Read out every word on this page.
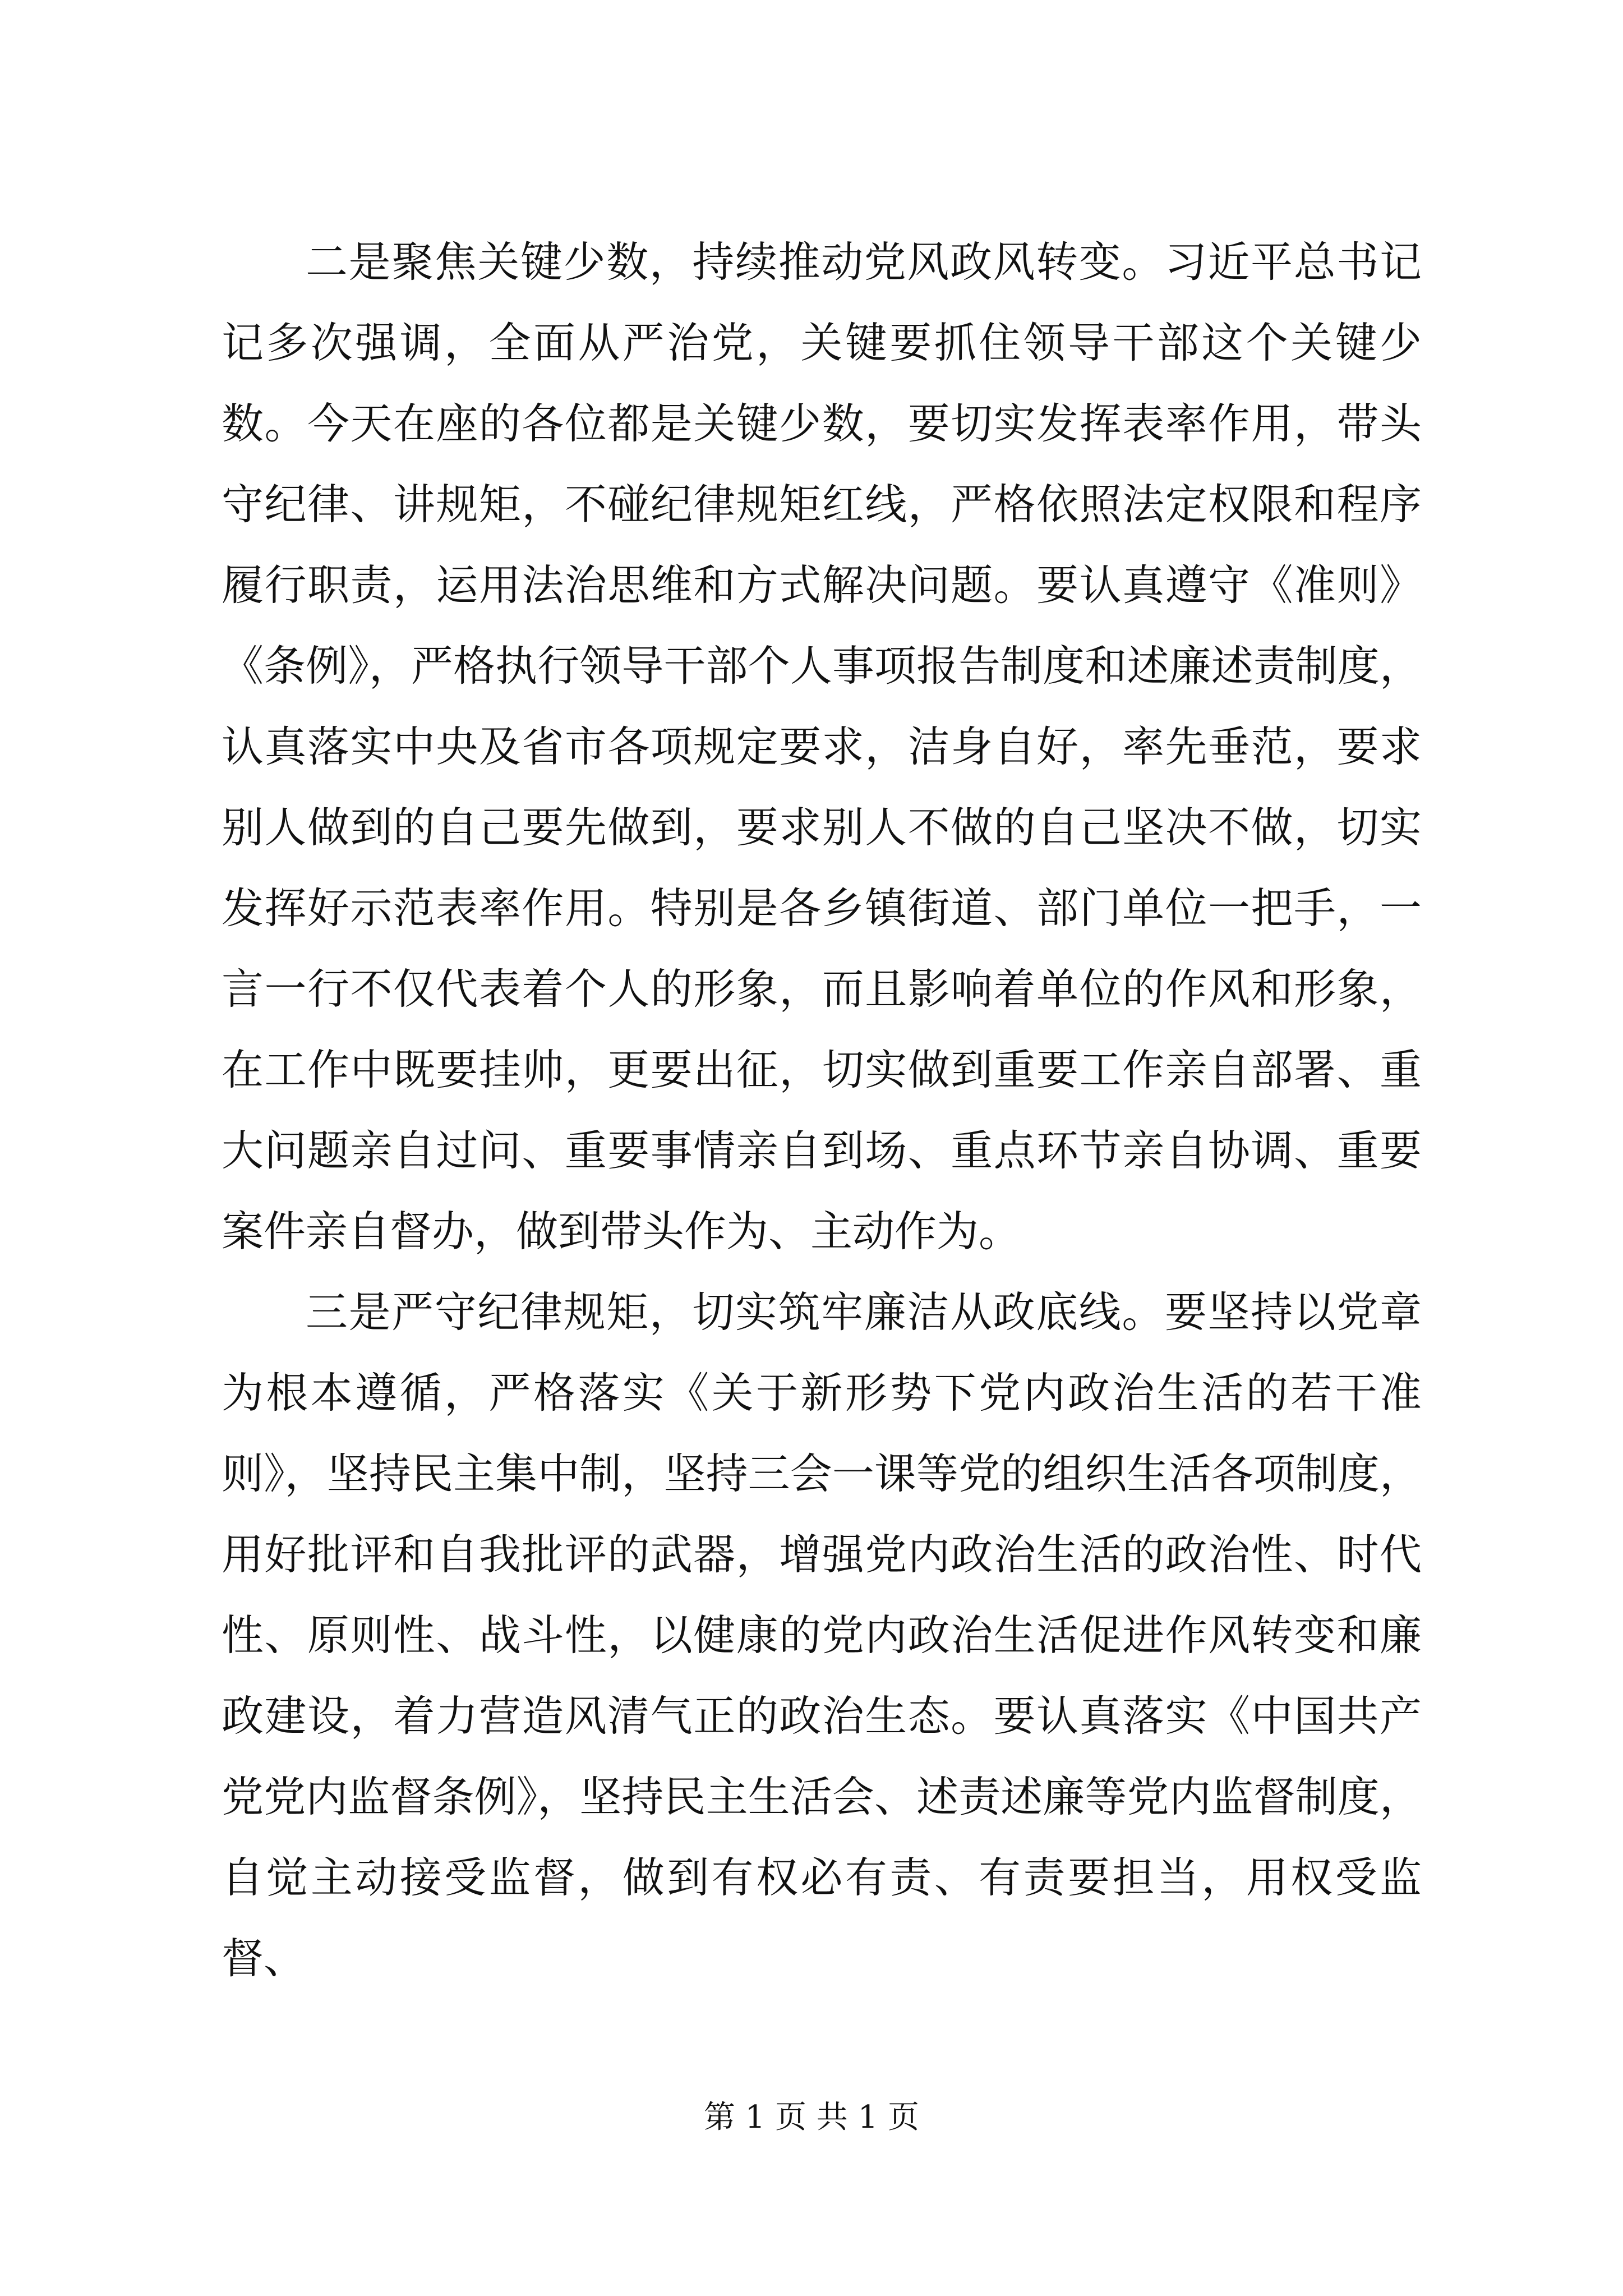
二是聚焦关键少数，持续推动党风政风转变。习近平总书记记多次强调，全面从严治党，关键要抓住领导干部这个关键少数。今天在座的各位都是关键少数，要切实发挥表率作用，带头守纪律、讲规矩，不碰纪律规矩红线，严格依照法定权限和程序履行职责，运用法治思维和方式解决问题。要认真遵守《准则》《条例》，严格执行领导干部个人事项报告制度和述廉述责制度，认真落实中央及省市各项规定要求，洁身自好，率先垂范，要求别人做到的自己要先做到，要求别人不做的自己坚决不做，切实发挥好示范表率作用。特别是各乡镇街道、部门单位一把手，一言一行不仅代表着个人的形象，而且影响着单位的作风和形象，在工作中既要挂帅，更要出征，切实做到重要工作亲自部署、重大问题亲自过问、重要事情亲自到场、重点环节亲自协调、重要案件亲自督办，做到带头作为、主动作为。

三是严守纪律规矩，切实筑牢廉洁从政底线。要坚持以党章为根本遵循，严格落实《关于新形势下党内政治生活的若干准则》，坚持民主集中制，坚持三会一课等党的组织生活各项制度，用好批评和自我批评的武器，增强党内政治生活的政治性、时代性、原则性、战斗性，以健康的党内政治生活促进作风转变和廉政建设，着力营造风清气正的政治生态。要认真落实《中国共产党党内监督条例》，坚持民主生活会、述责述廉等党内监督制度，自觉主动接受监督，做到有权必有责、有责要担当，用权受监督、

第 1 页 共 1 页
